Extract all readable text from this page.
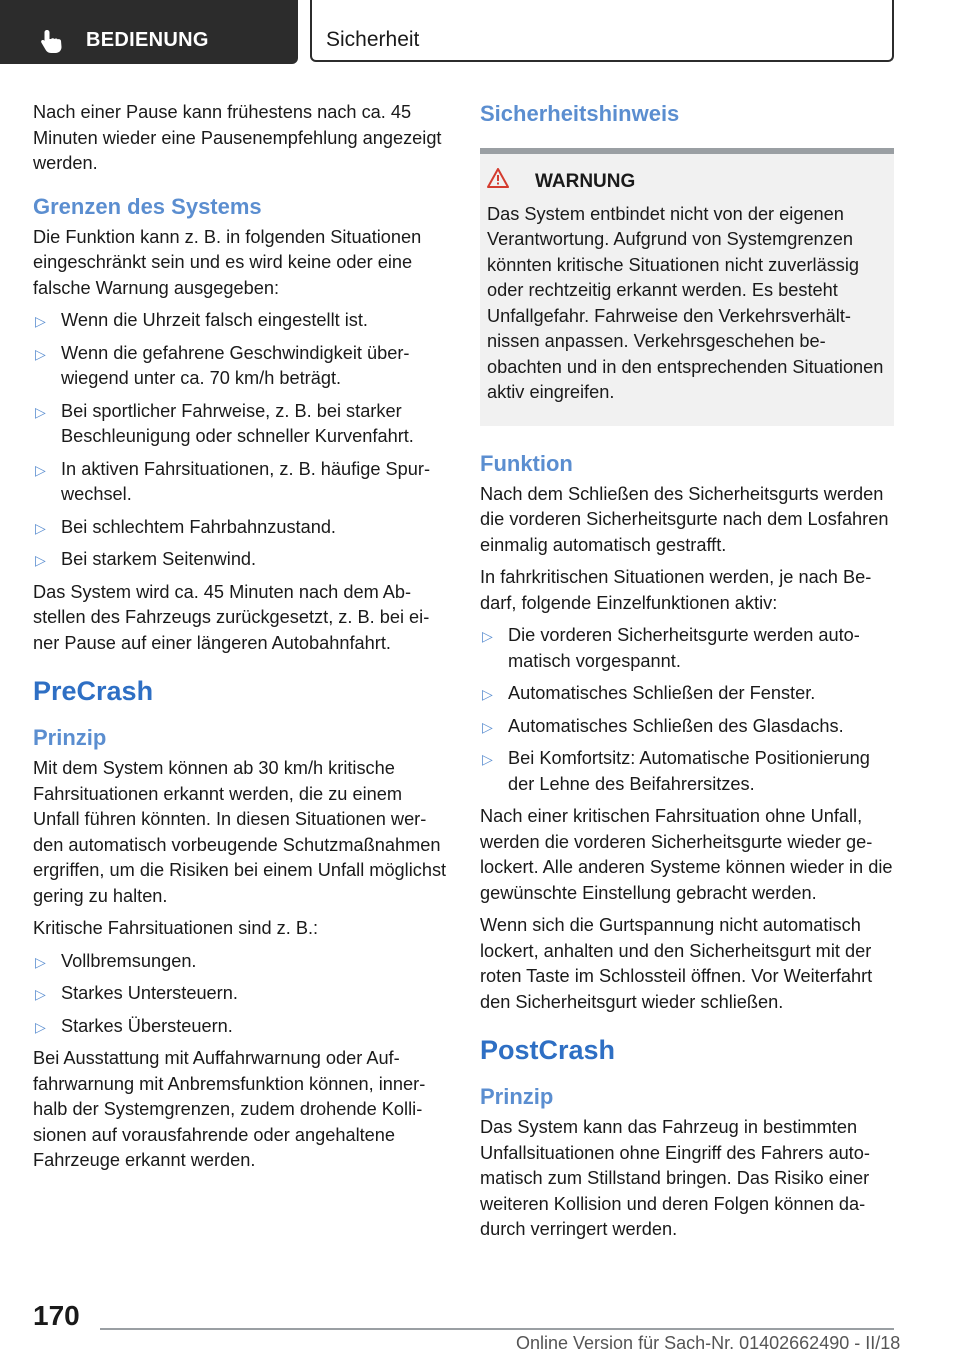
BEDIENUNG	Sicherheit

Nach einer Pause kann frühestens nach ca. 45 Minuten wieder eine Pausenempfehlung angezeigt werden.

Grenzen des Systems

Die Funktion kann z. B. in folgenden Situationen eingeschränkt sein und es wird keine oder eine falsche Warnung ausgegeben:

▷ Wenn die Uhrzeit falsch eingestellt ist.
▷ Wenn die gefahrene Geschwindigkeit überwiegend unter ca. 70 km/h beträgt.
▷ Bei sportlicher Fahrweise, z. B. bei starker Beschleunigung oder schneller Kurvenfahrt.
▷ In aktiven Fahrsituationen, z. B. häufige Spurwechsel.
▷ Bei schlechtem Fahrbahnzustand.
▷ Bei starkem Seitenwind.

Das System wird ca. 45 Minuten nach dem Abstellen des Fahrzeugs zurückgesetzt, z. B. bei einer Pause auf einer längeren Autobahnfahrt.

PreCrash
Prinzip

Mit dem System können ab 30 km/h kritische Fahrsituationen erkannt werden, die zu einem Unfall führen könnten. In diesen Situationen werden automatisch vorbeugende Schutzmaßnahmen ergriffen, um die Risiken bei einem Unfall möglichst gering zu halten.

Kritische Fahrsituationen sind z. B.:

▷ Vollbremsungen.
▷ Starkes Untersteuern.
▷ Starkes Übersteuern.

Bei Ausstattung mit Auffahrwarnung oder Auffahrwarnung mit Anbremsfunktion können, innerhalb der Systemgrenzen, zudem drohende Kollisionen auf vorausfahrende oder angehaltene Fahrzeuge erkannt werden.

Sicherheitshinweis
WARNUNG

Das System entbindet nicht von der eigenen Verantwortung. Aufgrund von Systemgrenzen könnten kritische Situationen nicht zuverlässig oder rechtzeitig erkannt werden. Es besteht Unfallgefahr. Fahrweise den Verkehrsverhältnissen anpassen. Verkehrsgeschehen beobachten und in den entsprechenden Situationen aktiv eingreifen.

Funktion

Nach dem Schließen des Sicherheitsgurts werden die vorderen Sicherheitsgurte nach dem Losfahren einmalig automatisch gestrafft.

In fahrkritischen Situationen werden, je nach Bedarf, folgende Einzelfunktionen aktiv:

▷ Die vorderen Sicherheitsgurte werden automatisch vorgespannt.
▷ Automatisches Schließen der Fenster.
▷ Automatisches Schließen des Glasdachs.
▷ Bei Komfortsitz: Automatische Positionierung der Lehne des Beifahrersitzes.

Nach einer kritischen Fahrsituation ohne Unfall, werden die vorderen Sicherheitsgurte wieder gelockert. Alle anderen Systeme können wieder in die gewünschte Einstellung gebracht werden.

Wenn sich die Gurtspannung nicht automatisch lockert, anhalten und den Sicherheitsgurt mit der roten Taste im Schlossteil öffnen. Vor Weiterfahrt den Sicherheitsgurt wieder schließen.

PostCrash
Prinzip

Das System kann das Fahrzeug in bestimmten Unfallsituationen ohne Eingriff des Fahrers automatisch zum Stillstand bringen. Das Risiko einer weiteren Kollision und deren Folgen können dadurch verringert werden.

170
Online Version für Sach-Nr. 01402662490 - II/18
